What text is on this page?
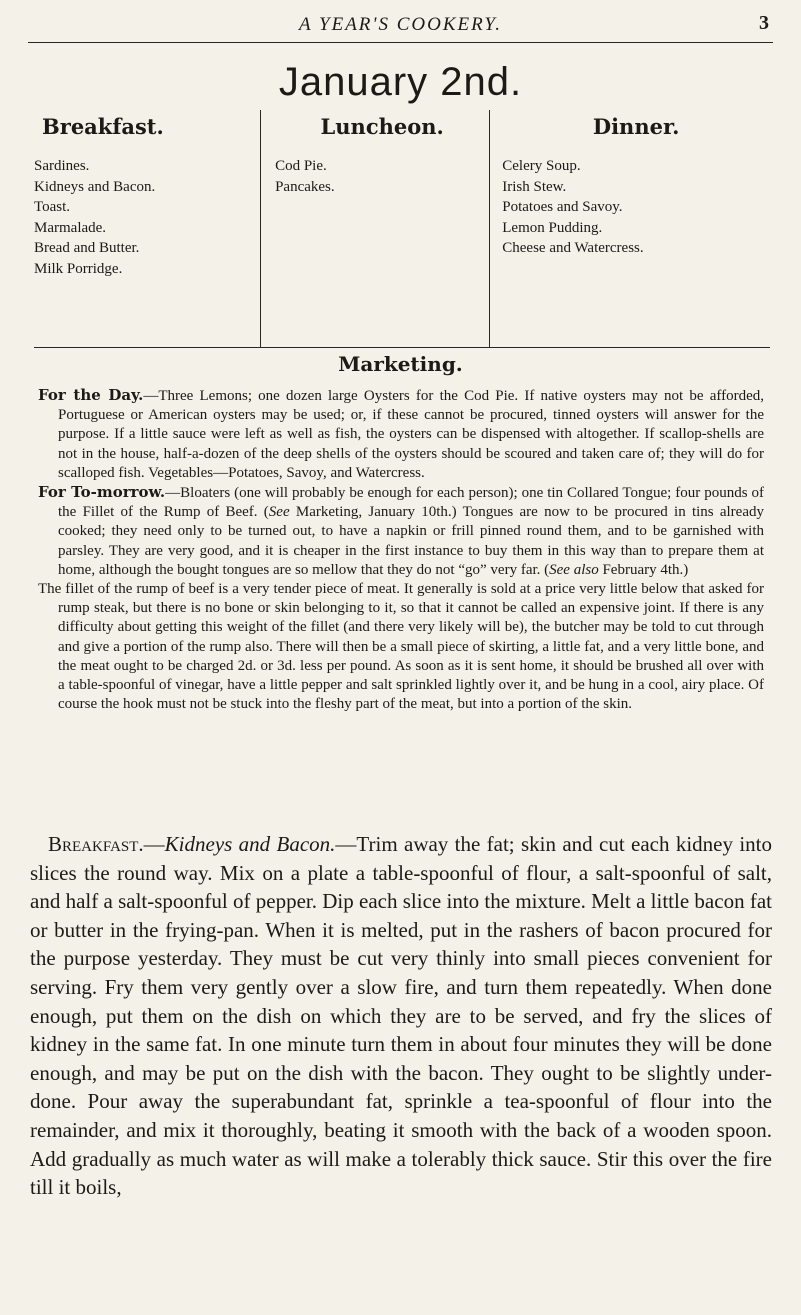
A YEAR'S COOKERY.	3
January 2nd.
Breakfast.
Sardines.
Kidneys and Bacon.
Toast.
Marmalade.
Bread and Butter.
Milk Porridge.
Luncheon.
Cod Pie.
Pancakes.
Dinner.
Celery Soup.
Irish Stew.
Potatoes and Savoy.
Lemon Pudding.
Cheese and Watercress.
Marketing.

For the Day.—Three Lemons; one dozen large Oysters for the Cod Pie. If native oysters may not be afforded, Portuguese or American oysters may be used; or, if these cannot be procured, tinned oysters will answer for the purpose. If a little sauce were left as well as fish, the oysters can be dispensed with altogether. If scallop-shells are not in the house, half-a-dozen of the deep shells of the oysters should be scoured and taken care of; they will do for scalloped fish. Vegetables—Potatoes, Savoy, and Watercress.

For To-morrow.—Bloaters (one will probably be enough for each person); one tin Collared Tongue; four pounds of the Fillet of the Rump of Beef. (See Marketing, January 10th.) Tongues are now to be procured in tins already cooked; they need only to be turned out, to have a napkin or frill pinned round them, and to be garnished with parsley. They are very good, and it is cheaper in the first instance to buy them in this way than to prepare them at home, although the bought tongues are so mellow that they do not “go” very far. (See also February 4th.)

The fillet of the rump of beef is a very tender piece of meat. It generally is sold at a price very little below that asked for rump steak, but there is no bone or skin belonging to it, so that it cannot be called an expensive joint. If there is any difficulty about getting this weight of the fillet (and there very likely will be), the butcher may be told to cut through and give a portion of the rump also. There will then be a small piece of skirting, a little fat, and a very little bone, and the meat ought to be charged 2d. or 3d. less per pound. As soon as it is sent home, it should be brushed all over with a table-spoonful of vinegar, have a little pepper and salt sprinkled lightly over it, and be hung in a cool, airy place. Of course the hook must not be stuck into the fleshy part of the meat, but into a portion of the skin.

Breakfast.—Kidneys and Bacon.—Trim away the fat; skin and cut each kidney into slices the round way. Mix on a plate a table-spoonful of flour, a salt-spoonful of salt, and half a salt-spoonful of pepper. Dip each slice into the mixture. Melt a little bacon fat or butter in the frying-pan. When it is melted, put in the rashers of bacon procured for the purpose yesterday. They must be cut very thinly into small pieces convenient for serving. Fry them very gently over a slow fire, and turn them repeatedly. When done enough, put them on the dish on which they are to be served, and fry the slices of kidney in the same fat. In one minute turn them in about four minutes they will be done enough, and may be put on the dish with the bacon. They ought to be slightly under-done. Pour away the superabundant fat, sprinkle a tea-spoonful of flour into the remainder, and mix it thoroughly, beating it smooth with the back of a wooden spoon. Add gradually as much water as will make a tolerably thick sauce. Stir this over the fire till it boils,
